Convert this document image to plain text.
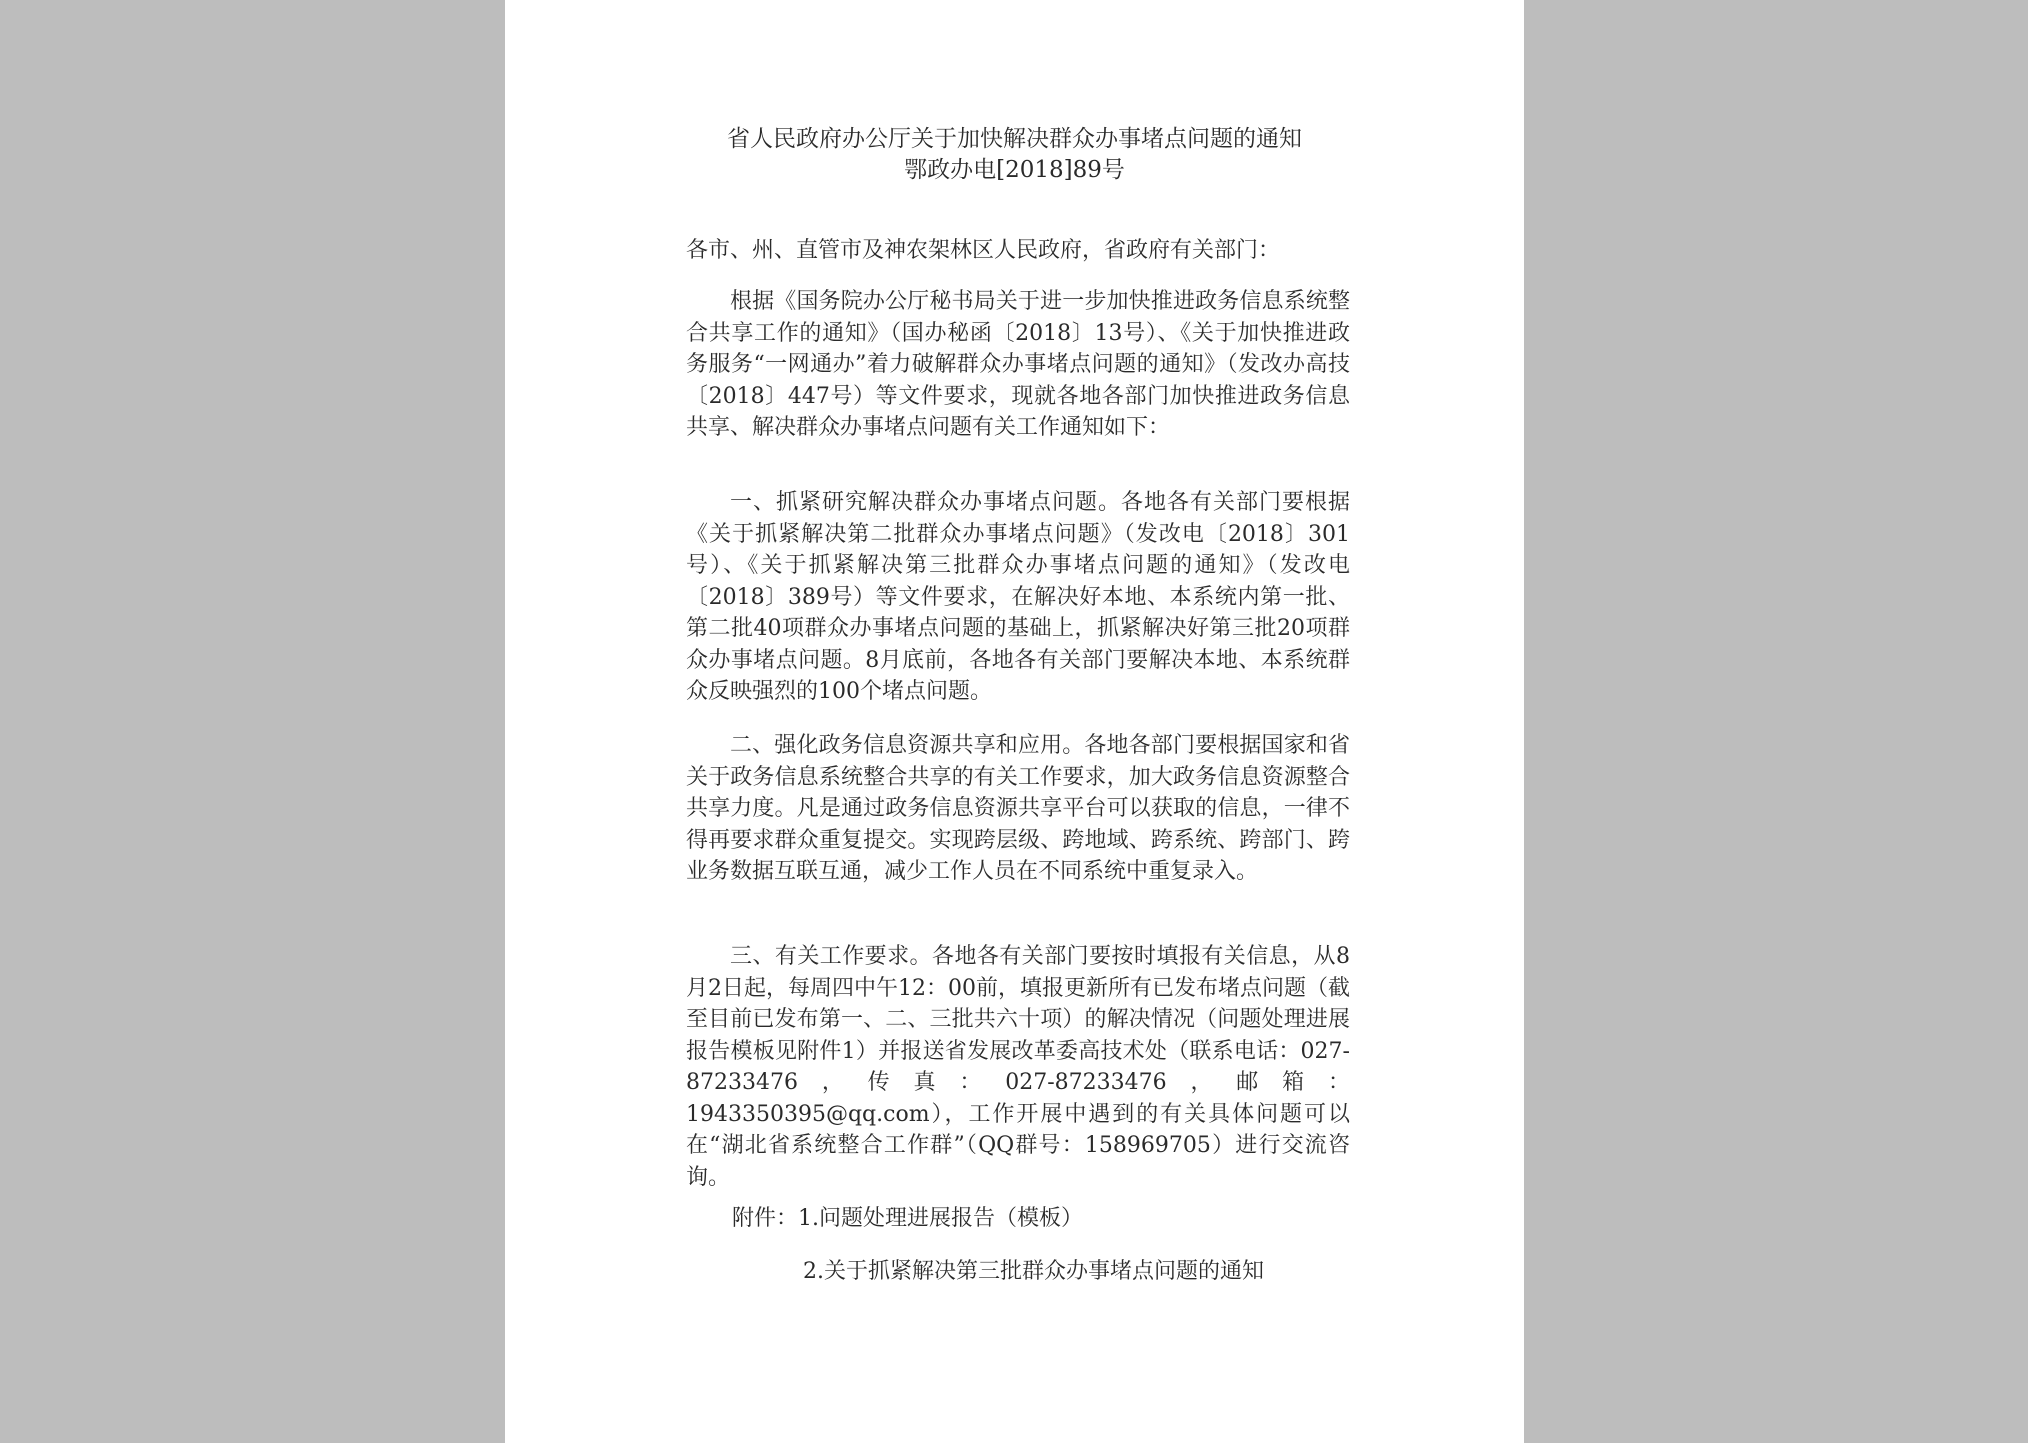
省人民政府办公厅关于加快解决群众办事堵点问题的通知
鄂政办电[2018]89号

各市、州、直管市及神农架林区人民政府，省政府有关部门：

根据《国务院办公厅秘书局关于进一步加快推进政务信息系统整合共享工作的通知》（国办秘函〔2018〕13号）、《关于加快推进政务服务“一网通办”着力破解群众办事堵点问题的通知》（发改办高技〔2018〕447号）等文件要求，现就各地各部门加快推进政务信息共享、解决群众办事堵点问题有关工作通知如下：

一、抓紧研究解决群众办事堵点问题。各地各有关部门要根据《关于抓紧解决第二批群众办事堵点问题》（发改电〔2018〕301号）、《关于抓紧解决第三批群众办事堵点问题的通知》（发改电〔2018〕389号）等文件要求，在解决好本地、本系统内第一批、第二批40项群众办事堵点问题的基础上，抓紧解决好第三批20项群众办事堵点问题。8月底前，各地各有关部门要解决本地、本系统群众反映强烈的100个堵点问题。

二、强化政务信息资源共享和应用。各地各部门要根据国家和省关于政务信息系统整合共享的有关工作要求，加大政务信息资源整合共享力度。凡是通过政务信息资源共享平台可以获取的信息，一律不得再要求群众重复提交。实现跨层级、跨地域、跨系统、跨部门、跨业务数据互联互通，减少工作人员在不同系统中重复录入。

三、有关工作要求。各地各有关部门要按时填报有关信息，从8月2日起，每周四中午12：00前，填报更新所有已发布堵点问题（截至目前已发布第一、二、三批共六十项）的解决情况（问题处理进展报告模板见附件1）并报送省发展改革委高技术处（联系电话：027-87233476，传真：027-87233476，邮箱：1943350395@qq.com），工作开展中遇到的有关具体问题可以在“湖北省系统整合工作群”（QQ群号：158969705）进行交流咨询。

附件：1.问题处理进展报告（模板）
2.关于抓紧解决第三批群众办事堵点问题的通知
